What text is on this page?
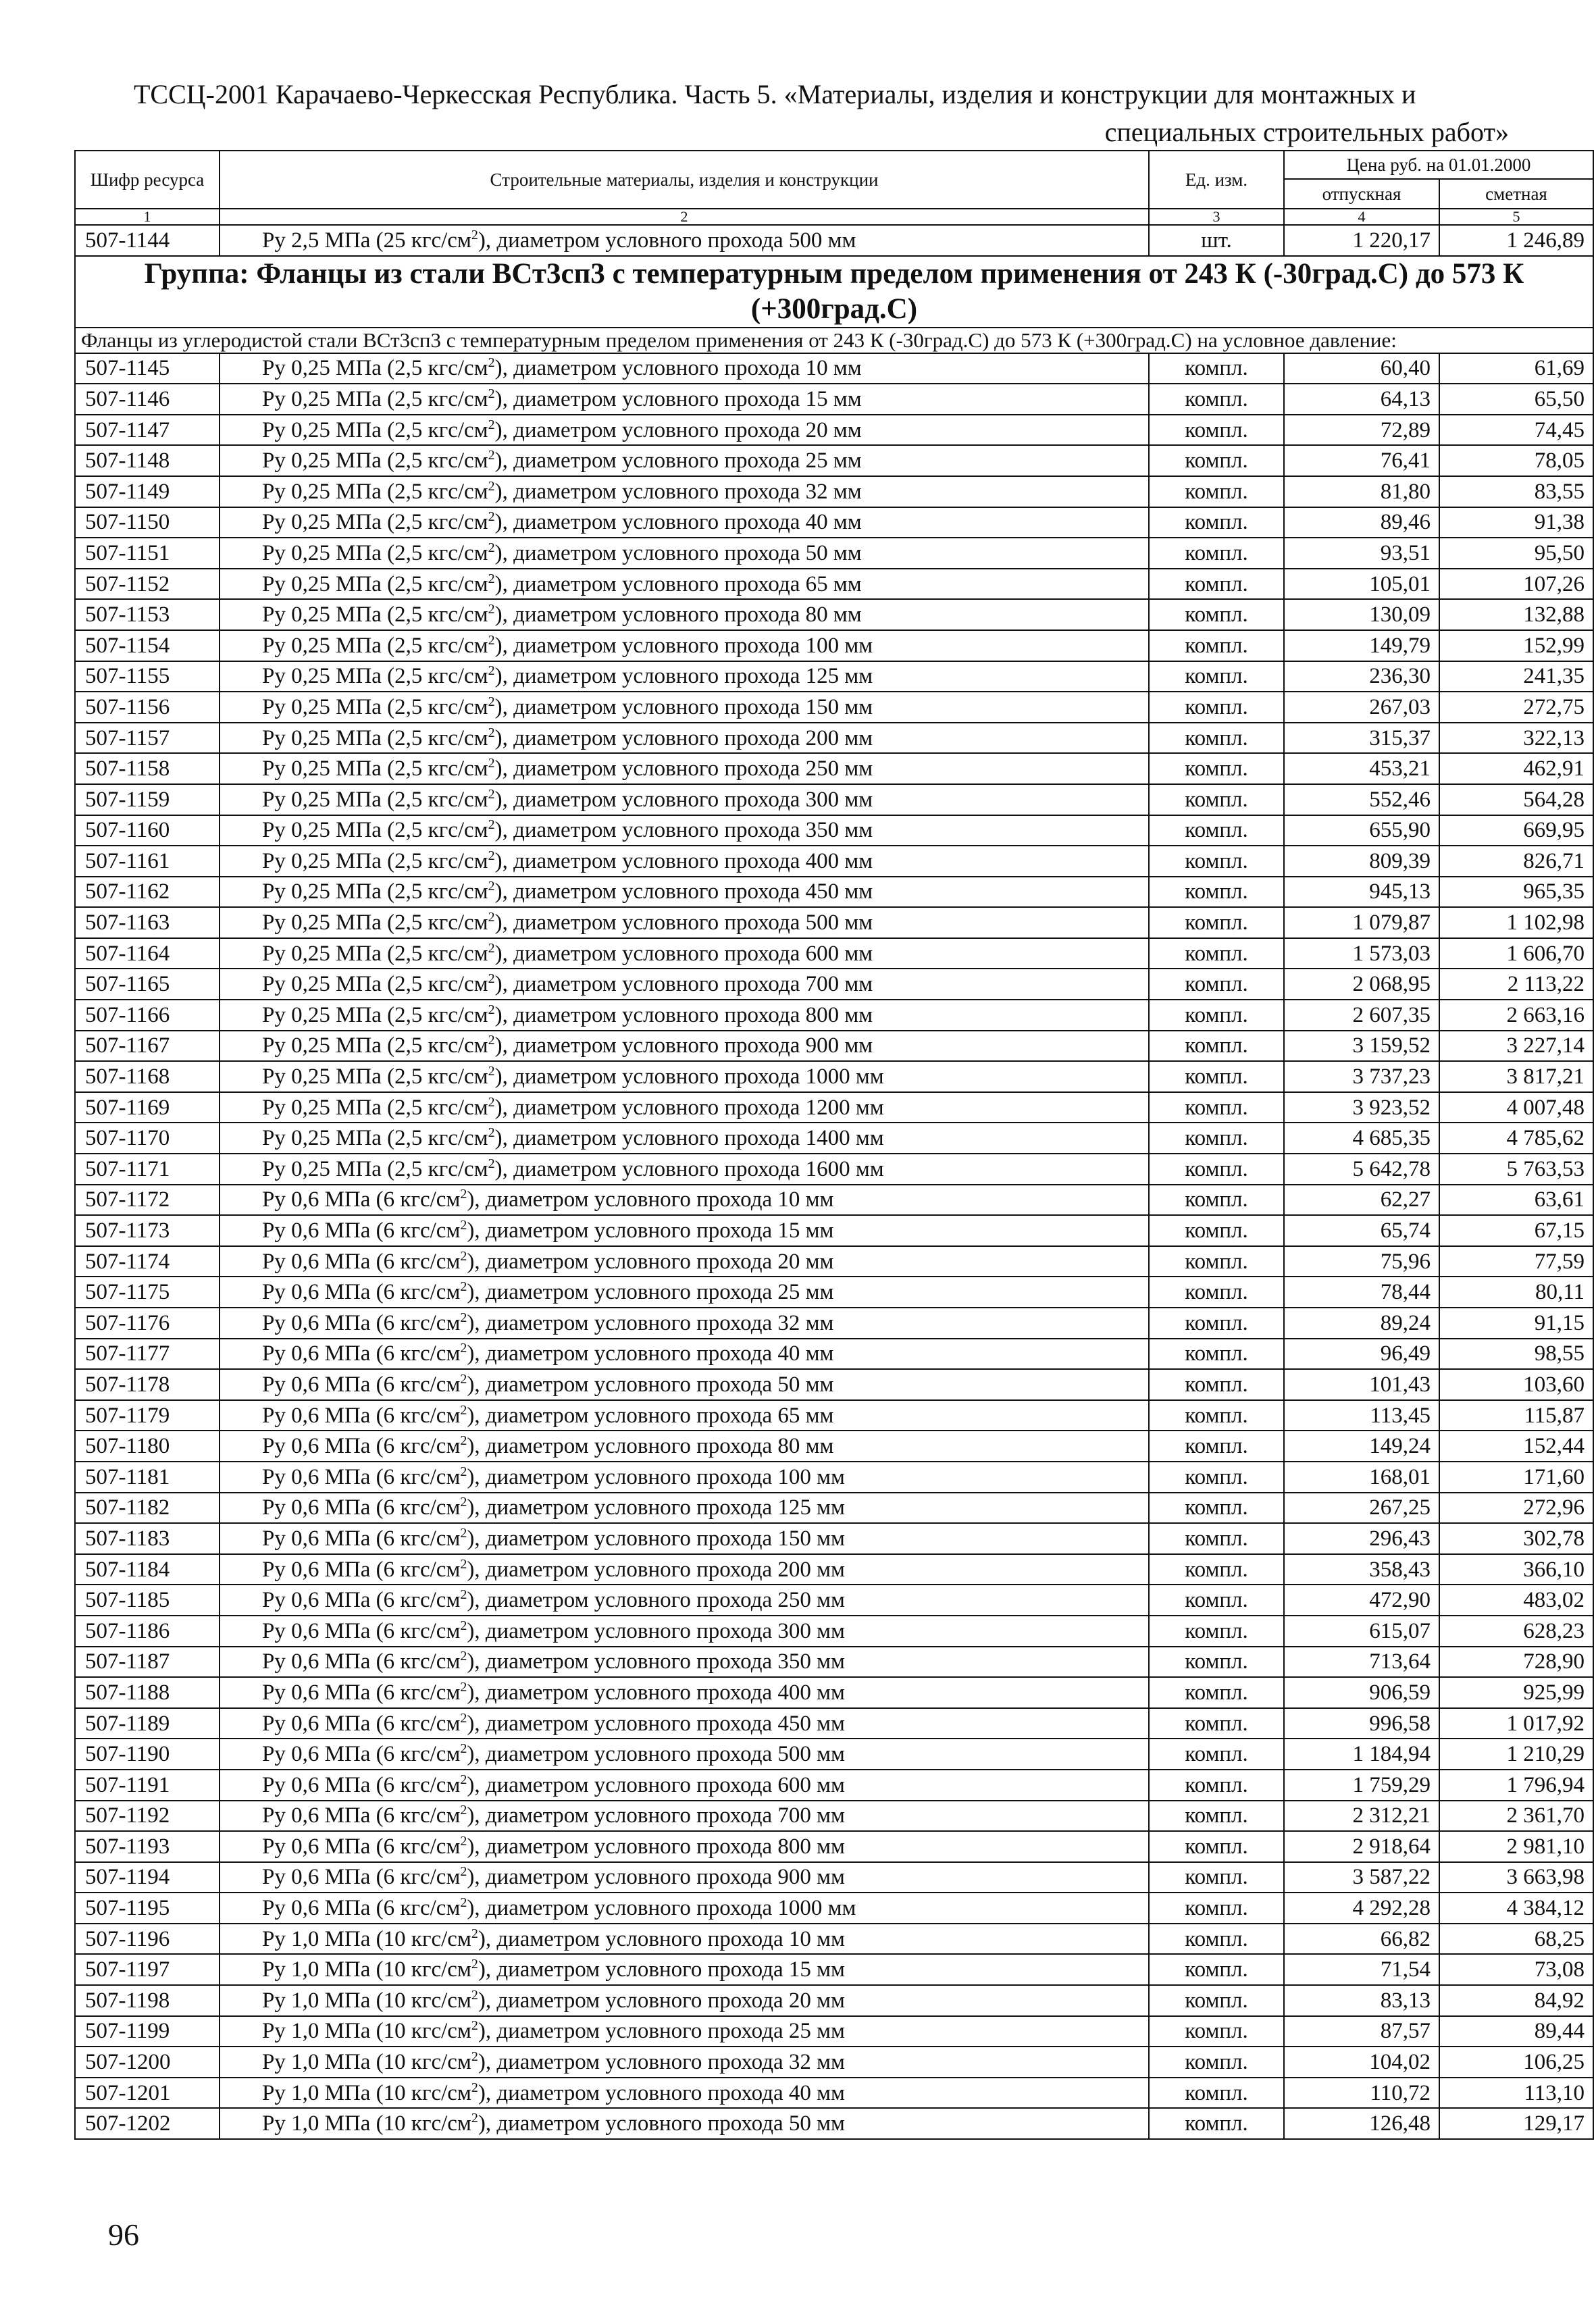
ТССЦ-2001 Карачаево-Черкесская Республика. Часть 5. «Материалы, изделия и конструкции для монтажных и
специальных строительных работ»
Шифр ресурса	Строительные материалы, изделия и конструкции	Ед. изм.	Цена руб. на 01.01.2000	
			отпускная	сметная
1	2	3	4	5
507-1144	Ру 2,5 МПа (25 кгс/$см^2$), диаметром условного прохода 500 мм	шт.	1 220,17	1 246,89
Группа: Фланцы из стали ВСт3сп3 с температурным пределом применения от 243 К (-30град.С) до 573 К (+300град.С)				
Фланцы из углеродистой стали ВСт3сп3 с температурным пределом применения от 243 К (-30град.С) до 573 К (+300град.С) на условное давление:				
507-1145	Ру 0,25 МПа (2,5 кгс/$см^2$), диаметром условного прохода 10 мм	компл.	60,40	61,69
507-1146	Ру 0,25 МПа (2,5 кгс/$см^2$), диаметром условного прохода 15 мм	компл.	64,13	65,50
507-1147	Ру 0,25 МПа (2,5 кгс/$см^2$), диаметром условного прохода 20 мм	компл.	72,89	74,45
507-1148	Ру 0,25 МПа (2,5 кгс/$см^2$), диаметром условного прохода 25 мм	компл.	76,41	78,05
507-1149	Ру 0,25 МПа (2,5 кгс/$см^2$), диаметром условного прохода 32 мм	компл.	81,80	83,55
507-1150	Ру 0,25 МПа (2,5 кгс/$см^2$), диаметром условного прохода 40 мм	компл.	89,46	91,38
507-1151	Ру 0,25 МПа (2,5 кгс/$см^2$), диаметром условного прохода 50 мм	компл.	93,51	95,50
507-1152	Ру 0,25 МПа (2,5 кгс/$см^2$), диаметром условного прохода 65 мм	компл.	105,01	107,26
507-1153	Ру 0,25 МПа (2,5 кгс/$см^2$), диаметром условного прохода 80 мм	компл.	130,09	132,88
507-1154	Ру 0,25 МПа (2,5 кгс/$см^2$), диаметром условного прохода 100 мм	компл.	149,79	152,99
507-1155	Ру 0,25 МПа (2,5 кгс/$см^2$), диаметром условного прохода 125 мм	компл.	236,30	241,35
507-1156	Ру 0,25 МПа (2,5 кгс/$см^2$), диаметром условного прохода 150 мм	компл.	267,03	272,75
507-1157	Ру 0,25 МПа (2,5 кгс/$см^2$), диаметром условного прохода 200 мм	компл.	315,37	322,13
507-1158	Ру 0,25 МПа (2,5 кгс/$см^2$), диаметром условного прохода 250 мм	компл.	453,21	462,91
507-1159	Ру 0,25 МПа (2,5 кгс/$см^2$), диаметром условного прохода 300 мм	компл.	552,46	564,28
507-1160	Ру 0,25 МПа (2,5 кгс/$см^2$), диаметром условного прохода 350 мм	компл.	655,90	669,95
507-1161	Ру 0,25 МПа (2,5 кгс/$см^2$), диаметром условного прохода 400 мм	компл.	809,39	826,71
507-1162	Ру 0,25 МПа (2,5 кгс/$см^2$), диаметром условного прохода 450 мм	компл.	945,13	965,35
507-1163	Ру 0,25 МПа (2,5 кгс/$см^2$), диаметром условного прохода 500 мм	компл.	1 079,87	1 102,98
507-1164	Ру 0,25 МПа (2,5 кгс/$см^2$), диаметром условного прохода 600 мм	компл.	1 573,03	1 606,70
507-1165	Ру 0,25 МПа (2,5 кгс/$см^2$), диаметром условного прохода 700 мм	компл.	2 068,95	2 113,22
507-1166	Ру 0,25 МПа (2,5 кгс/$см^2$), диаметром условного прохода 800 мм	компл.	2 607,35	2 663,16
507-1167	Ру 0,25 МПа (2,5 кгс/$см^2$), диаметром условного прохода 900 мм	компл.	3 159,52	3 227,14
507-1168	Ру 0,25 МПа (2,5 кгс/$см^2$), диаметром условного прохода 1000 мм	компл.	3 737,23	3 817,21
507-1169	Ру 0,25 МПа (2,5 кгс/$см^2$), диаметром условного прохода 1200 мм	компл.	3 923,52	4 007,48
507-1170	Ру 0,25 МПа (2,5 кгс/$см^2$), диаметром условного прохода 1400 мм	компл.	4 685,35	4 785,62
507-1171	Ру 0,25 МПа (2,5 кгс/$см^2$), диаметром условного прохода 1600 мм	компл.	5 642,78	5 763,53
507-1172	Ру 0,6 МПа (6 кгс/$см^2$), диаметром условного прохода 10 мм	компл.	62,27	63,61
507-1173	Ру 0,6 МПа (6 кгс/$см^2$), диаметром условного прохода 15 мм	компл.	65,74	67,15
507-1174	Ру 0,6 МПа (6 кгс/$см^2$), диаметром условного прохода 20 мм	компл.	75,96	77,59
507-1175	Ру 0,6 МПа (6 кгс/$см^2$), диаметром условного прохода 25 мм	компл.	78,44	80,11
507-1176	Ру 0,6 МПа (6 кгс/$см^2$), диаметром условного прохода 32 мм	компл.	89,24	91,15
507-1177	Ру 0,6 МПа (6 кгс/$см^2$), диаметром условного прохода 40 мм	компл.	96,49	98,55
507-1178	Ру 0,6 МПа (6 кгс/$см^2$), диаметром условного прохода 50 мм	компл.	101,43	103,60
507-1179	Ру 0,6 МПа (6 кгс/$см^2$), диаметром условного прохода 65 мм	компл.	113,45	115,87
507-1180	Ру 0,6 МПа (6 кгс/$см^2$), диаметром условного прохода 80 мм	компл.	149,24	152,44
507-1181	Ру 0,6 МПа (6 кгс/$см^2$), диаметром условного прохода 100 мм	компл.	168,01	171,60
507-1182	Ру 0,6 МПа (6 кгс/$см^2$), диаметром условного прохода 125 мм	компл.	267,25	272,96
507-1183	Ру 0,6 МПа (6 кгс/$см^2$), диаметром условного прохода 150 мм	компл.	296,43	302,78
507-1184	Ру 0,6 МПа (6 кгс/$см^2$), диаметром условного прохода 200 мм	компл.	358,43	366,10
507-1185	Ру 0,6 МПа (6 кгс/$см^2$), диаметром условного прохода 250 мм	компл.	472,90	483,02
507-1186	Ру 0,6 МПа (6 кгс/$см^2$), диаметром условного прохода 300 мм	компл.	615,07	628,23
507-1187	Ру 0,6 МПа (6 кгс/$см^2$), диаметром условного прохода 350 мм	компл.	713,64	728,90
507-1188	Ру 0,6 МПа (6 кгс/$см^2$), диаметром условного прохода 400 мм	компл.	906,59	925,99
507-1189	Ру 0,6 МПа (6 кгс/$см^2$), диаметром условного прохода 450 мм	компл.	996,58	1 017,92
507-1190	Ру 0,6 МПа (6 кгс/$см^2$), диаметром условного прохода 500 мм	компл.	1 184,94	1 210,29
507-1191	Ру 0,6 МПа (6 кгс/$см^2$), диаметром условного прохода 600 мм	компл.	1 759,29	1 796,94
507-1192	Ру 0,6 МПа (6 кгс/$см^2$), диаметром условного прохода 700 мм	компл.	2 312,21	2 361,70
507-1193	Ру 0,6 МПа (6 кгс/$см^2$), диаметром условного прохода 800 мм	компл.	2 918,64	2 981,10
507-1194	Ру 0,6 МПа (6 кгс/$см^2$), диаметром условного прохода 900 мм	компл.	3 587,22	3 663,98
507-1195	Ру 0,6 МПа (6 кгс/$см^2$), диаметром условного прохода 1000 мм	компл.	4 292,28	4 384,12
507-1196	Ру 1,0 МПа (10 кгс/$см^2$), диаметром условного прохода 10 мм	компл.	66,82	68,25
507-1197	Ру 1,0 МПа (10 кгс/$см^2$), диаметром условного прохода 15 мм	компл.	71,54	73,08
507-1198	Ру 1,0 МПа (10 кгс/$см^2$), диаметром условного прохода 20 мм	компл.	83,13	84,92
507-1199	Ру 1,0 МПа (10 кгс/$см^2$), диаметром условного прохода 25 мм	компл.	87,57	89,44
507-1200	Ру 1,0 МПа (10 кгс/$см^2$), диаметром условного прохода 32 мм	компл.	104,02	106,25
507-1201	Ру 1,0 МПа (10 кгс/$см^2$), диаметром условного прохода 40 мм	компл.	110,72	113,10
507-1202	Ру 1,0 МПа (10 кгс/$см^2$), диаметром условного прохода 50 мм	компл.	126,48	129,17
96
